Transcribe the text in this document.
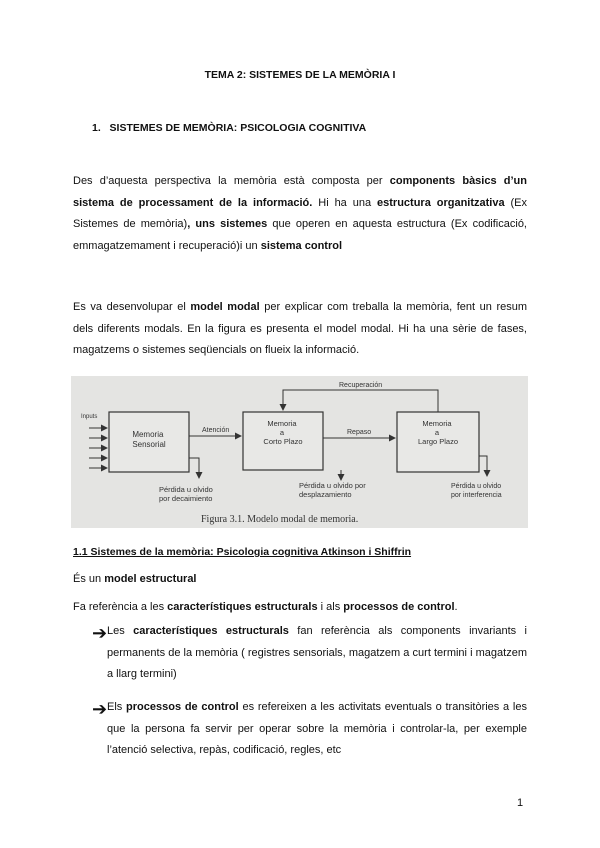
TEMA 2: SISTEMES DE LA MEMÒRIA I
1. SISTEMES DE MEMÒRIA: PSICOLOGIA COGNITIVA
Des d’aquesta perspectiva la memòria està composta per components bàsics d’un sistema de processament de la informació. Hi ha una estructura organitzativa (Ex Sistemes de memòria), uns sistemes que operen en aquesta estructura (Ex codificació, emmagatzemament i recuperació)i un sistema control
Es va desenvolupar el model modal per explicar com treballa la memòria, fent un resum dels diferents modals. En la figura es presenta el model modal. Hi ha una sèrie de fases, magatzems o sistemes seqüencials on flueix la informació.
Inputs
Memoria Sensorial
Atención
Memoria a Corto Plazo
Repaso
Memoria a Largo Plazo
Recuperación
Pérdida u olvido por decaimiento
Pérdida u olvido por desplazamiento
Pérdida u olvido por interferencia
Figura 3.1. Modelo modal de memoria.
1.1 Sistemes de la memòria: Psicologia cognitiva Atkinson i Shiffrin
És un model estructural
Fa referència a les característiques estructurals i als processos de control.
➔ Les característiques estructurals fan referència als components invariants i permanents de la memòria ( registres sensorials, magatzem a curt termini i magatzem a llarg termini)
➔ Els processos de control es refereixen a les activitats eventuals o transitòries a les que la persona fa servir per operar sobre la memòria i controlar-la, per exemple l’atenció selectiva, repàs, codificació, regles, etc
1
